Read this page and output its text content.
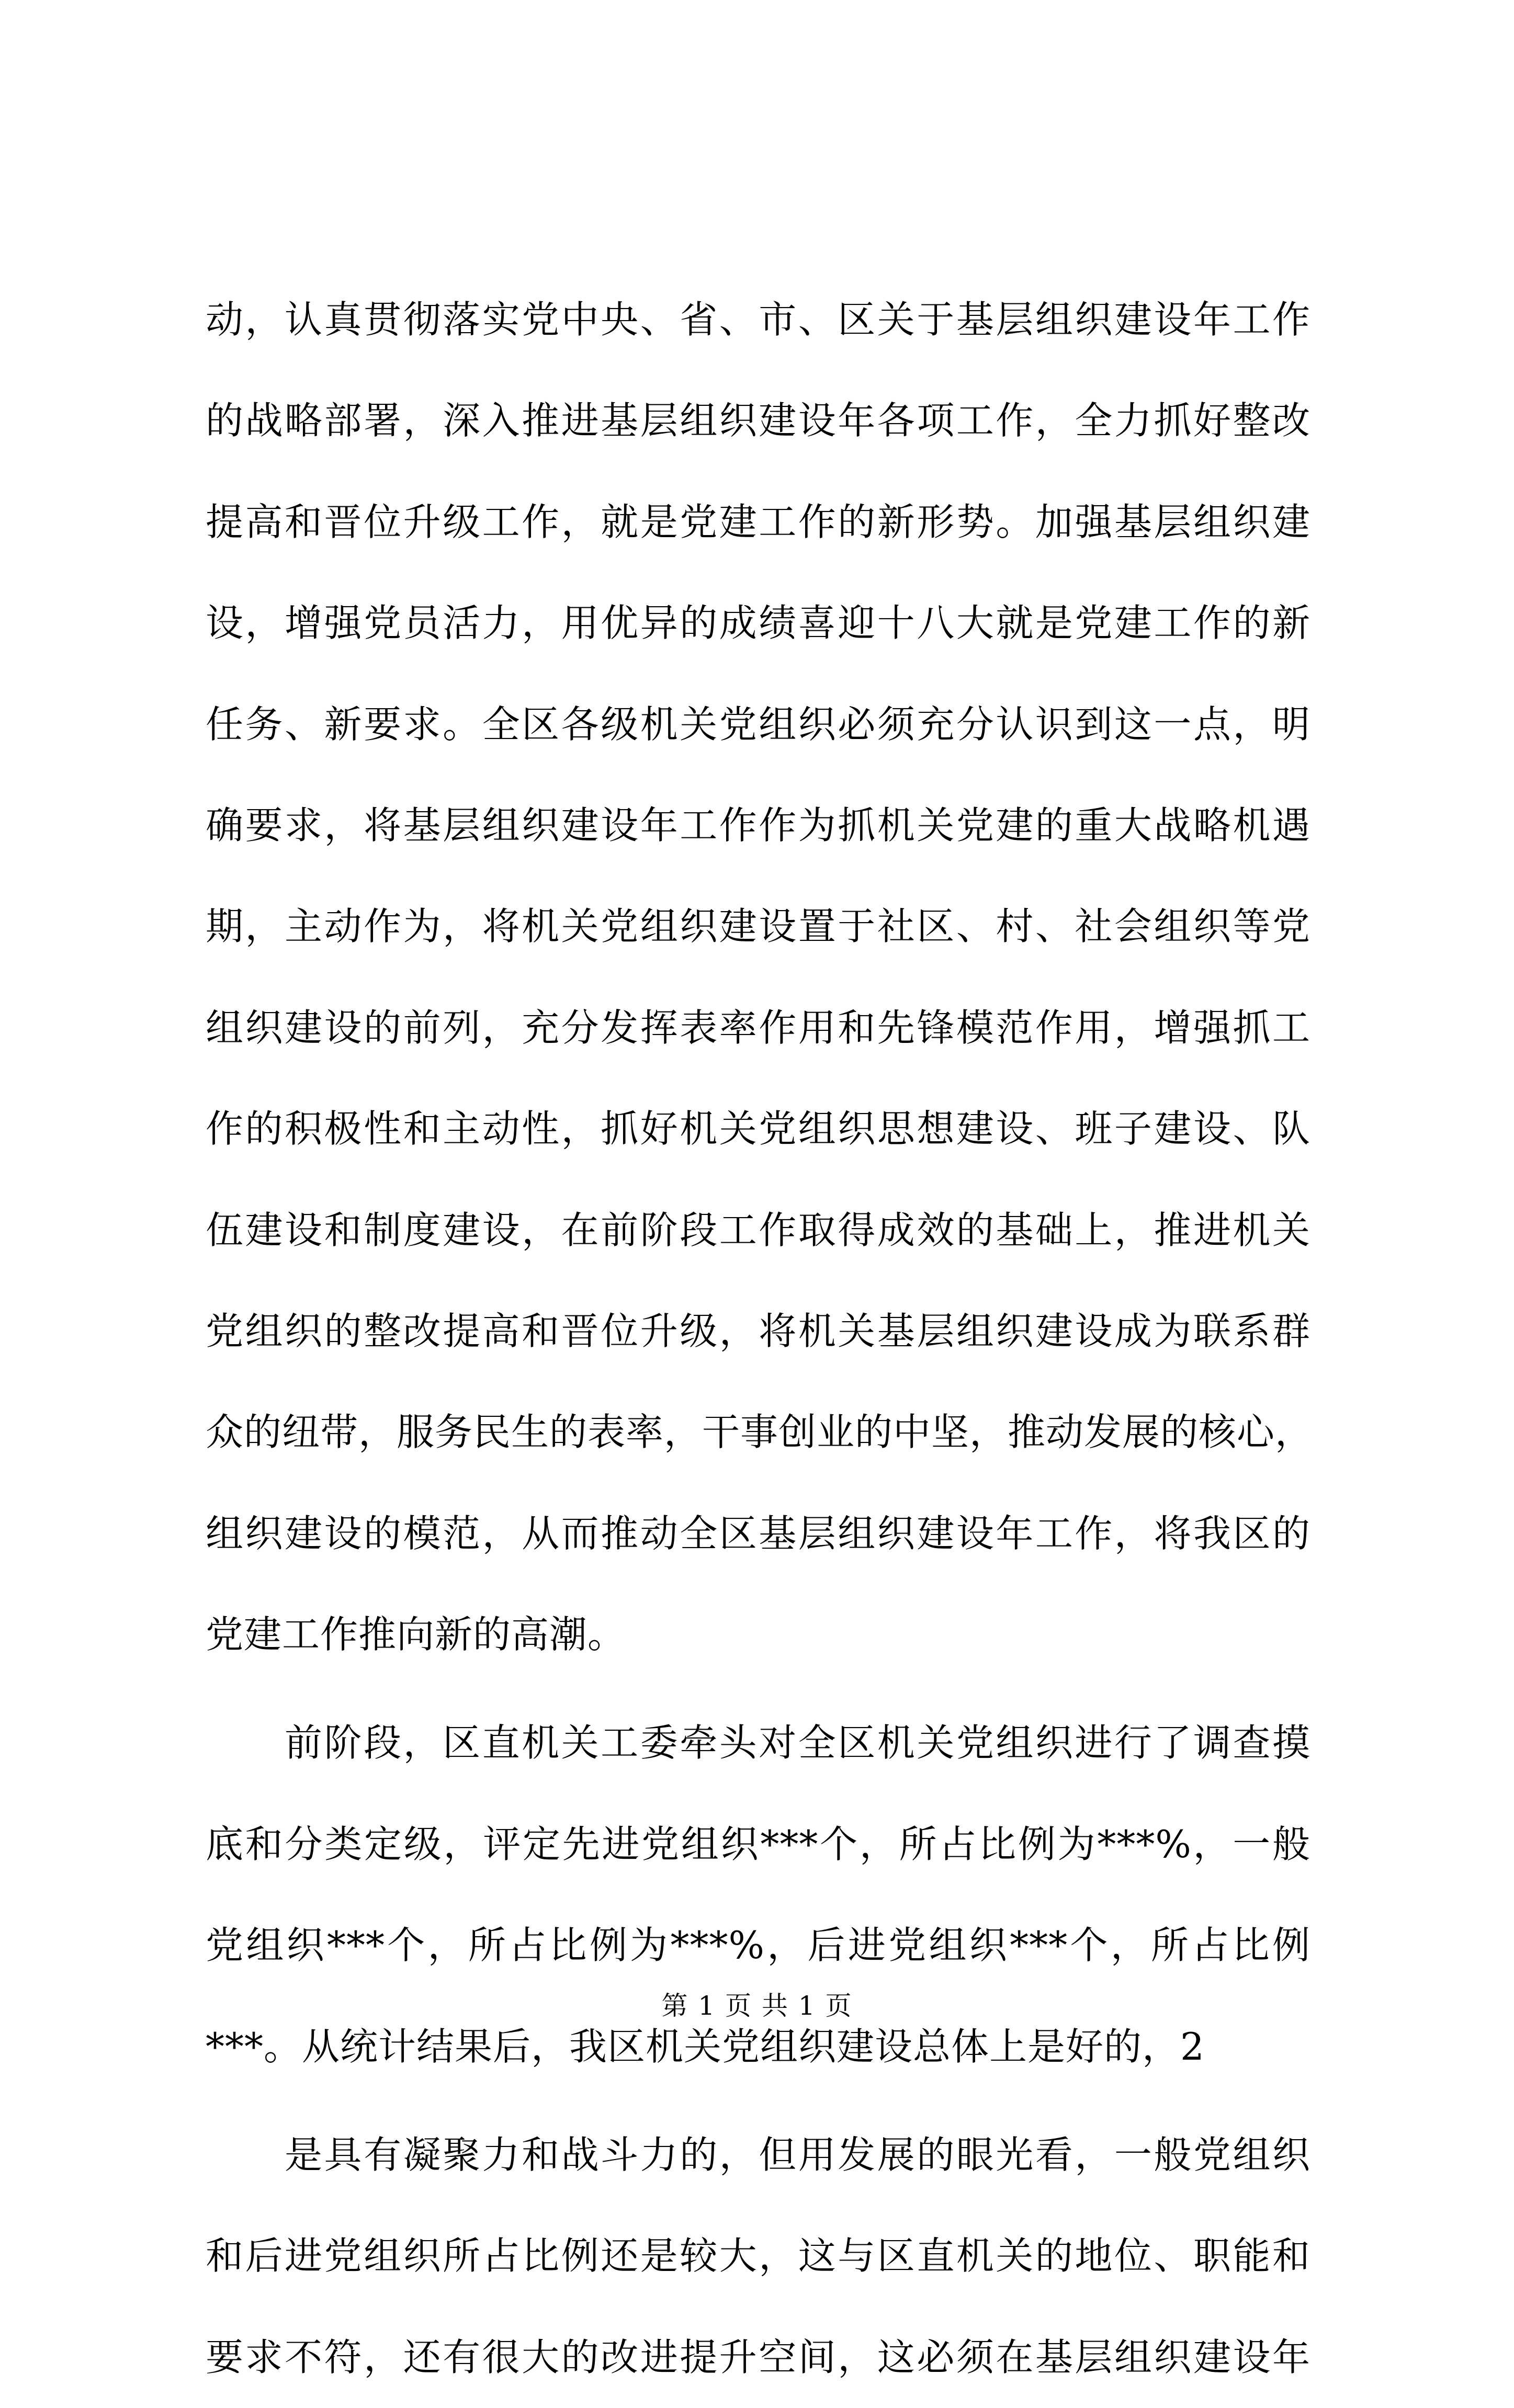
动，认真贯彻落实党中央、省、市、区关于基层组织建设年工作
的战略部署，深入推进基层组织建设年各项工作，全力抓好整改
提高和晋位升级工作，就是党建工作的新形势。加强基层组织建
设，增强党员活力，用优异的成绩喜迎十八大就是党建工作的新
任务、新要求。全区各级机关党组织必须充分认识到这一点，明
确要求，将基层组织建设年工作作为抓机关党建的重大战略机遇
期，主动作为，将机关党组织建设置于社区、村、社会组织等党
组织建设的前列，充分发挥表率作用和先锋模范作用，增强抓工
作的积极性和主动性，抓好机关党组织思想建设、班子建设、队
伍建设和制度建设，在前阶段工作取得成效的基础上，推进机关
党组织的整改提高和晋位升级，将机关基层组织建设成为联系群
众的纽带，服务民生的表率，干事创业的中坚，推动发展的核心，
组织建设的模范，从而推动全区基层组织建设年工作，将我区的
党建工作推向新的高潮。
　　前阶段，区直机关工委牵头对全区机关党组织进行了调查摸
底和分类定级，评定先进党组织***个，所占比例为***%，一般
党组织***个，所占比例为***%，后进党组织***个，所占比例
***。从统计结果后，我区机关党组织建设总体上是好的，2
　　是具有凝聚力和战斗力的，但用发展的眼光看，一般党组织
和后进党组织所占比例还是较大，这与区直机关的地位、职能和
要求不符，还有很大的改进提升空间，这必须在基层组织建设年
第 1 页 共 1 页
